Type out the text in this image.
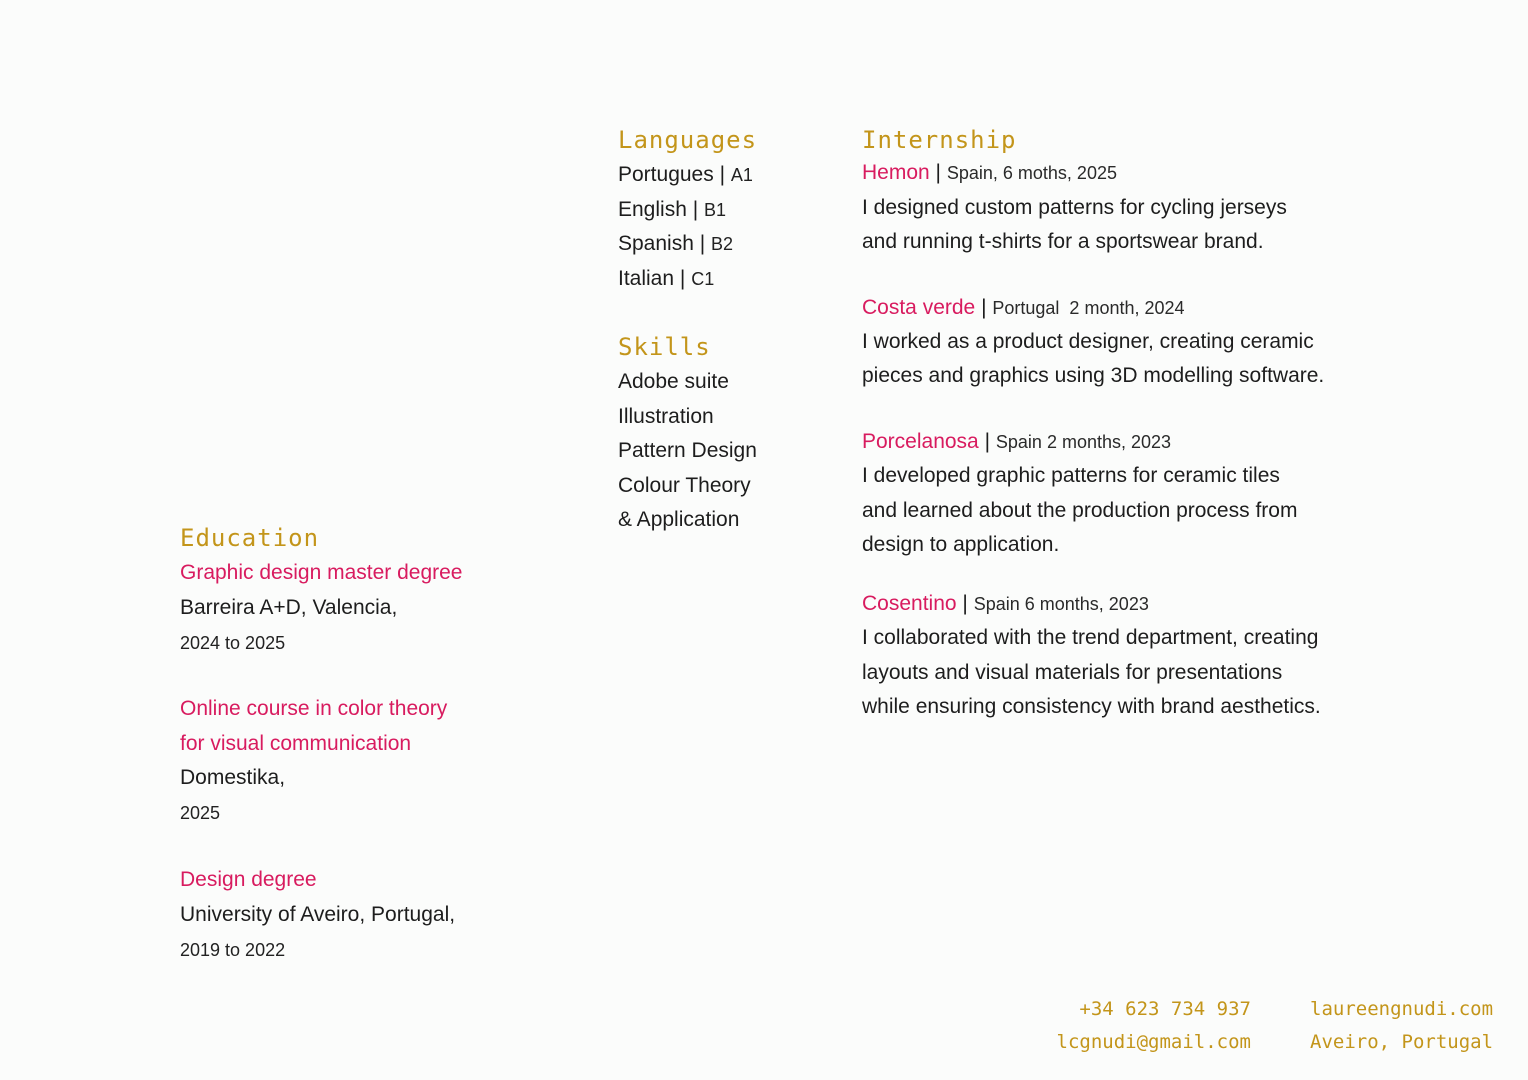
Languages
Portugues | A1
English | B1
Spanish | B2
Italian | C1
Skills
Adobe suite
Illustration
Pattern Design
Colour Theory
& Application
Internship
Hemon | Spain, 6 moths, 2025
I designed custom patterns for cycling jerseys
and running t-shirts for a sportswear brand.
Costa verde | Portugal  2 month, 2024
I worked as a product designer, creating ceramic
pieces and graphics using 3D modelling software.
Porcelanosa | Spain 2 months, 2023
I developed graphic patterns for ceramic tiles
and learned about the production process from
design to application.
Cosentino | Spain 6 months, 2023
I collaborated with the trend department, creating
layouts and visual materials for presentations
while ensuring consistency with brand aesthetics.
Education
Graphic design master degree
Barreira A+D, Valencia,
2024 to 2025
Online course in color theory
for visual communication
Domestika,
2025
Design degree
University of Aveiro, Portugal,
2019 to 2022
+34 623 734 937
lcgnudi@gmail.com
laureengnudi.com
Aveiro, Portugal
